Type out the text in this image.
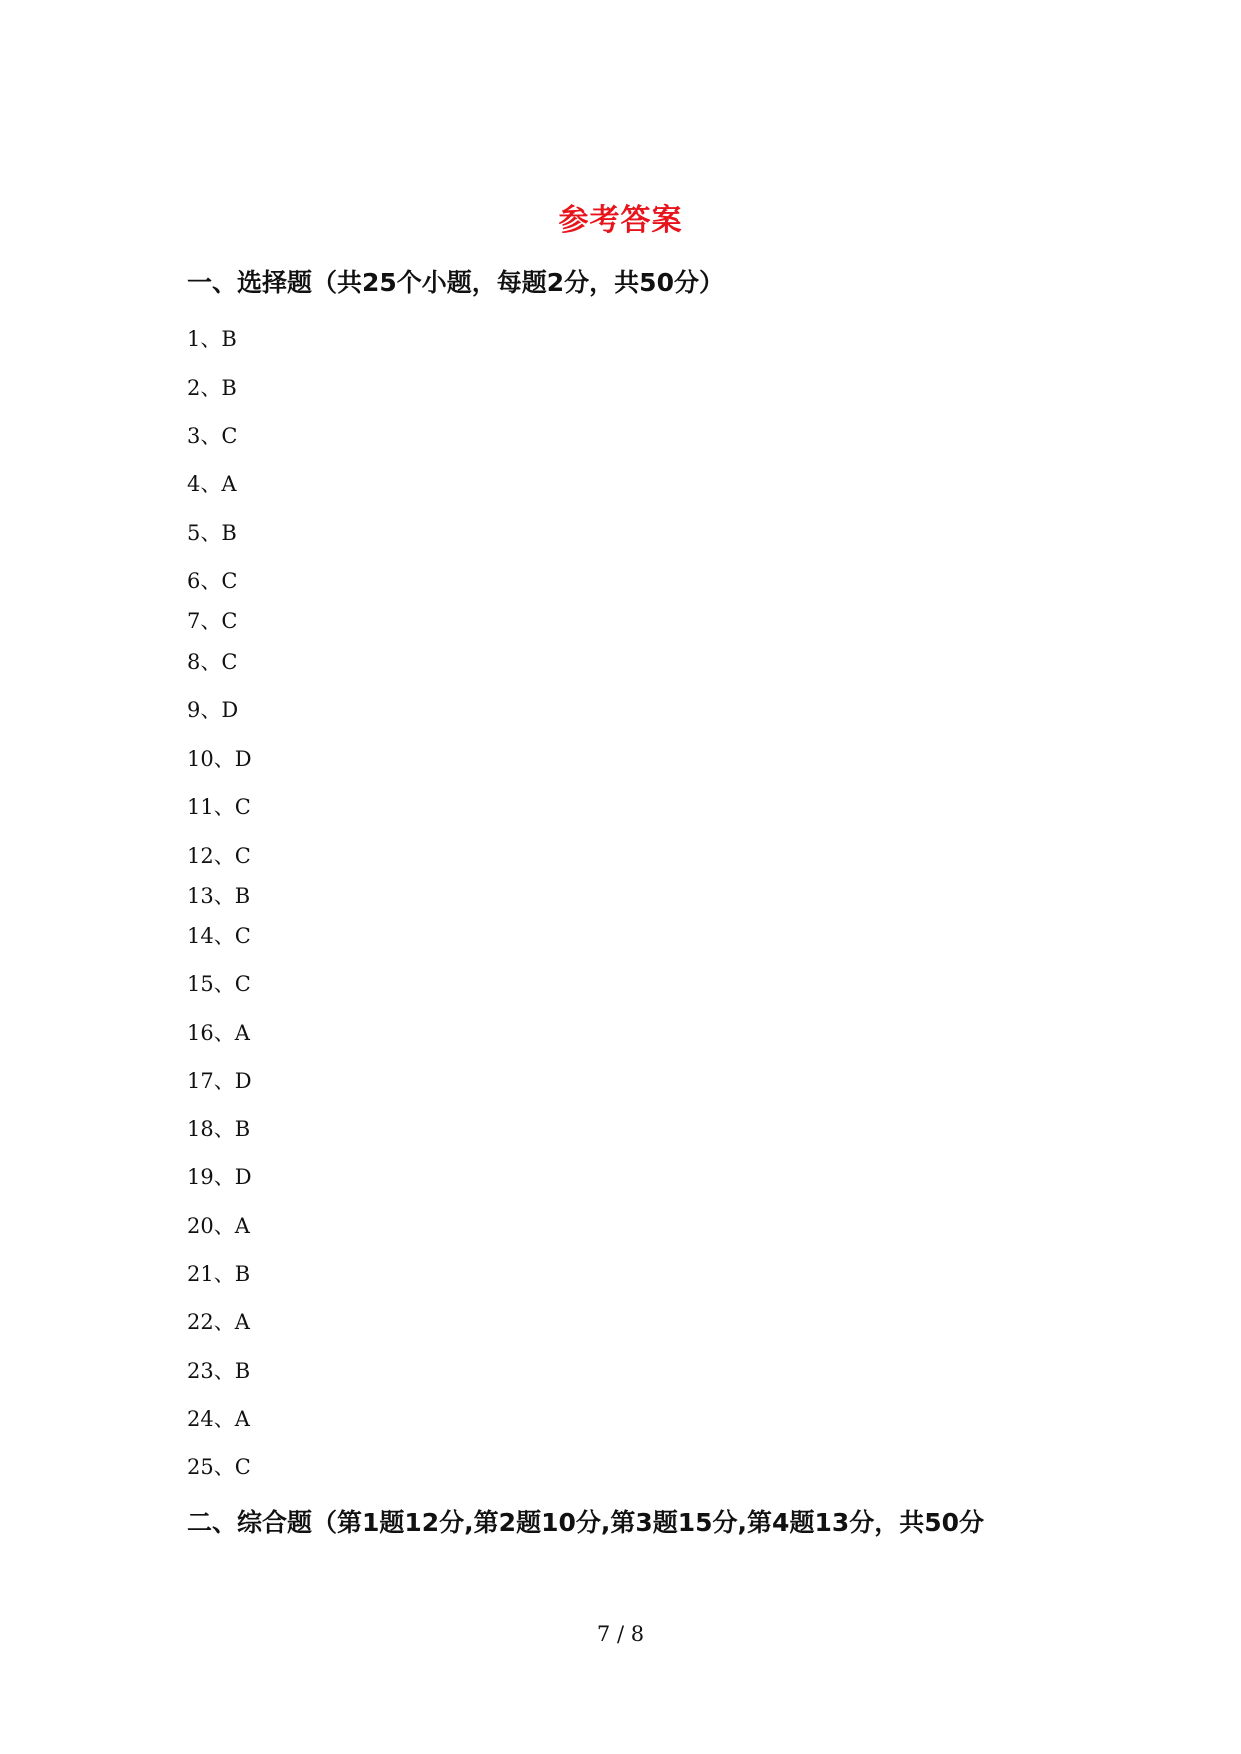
参考答案
一、选择题（共25个小题，每题2分，共50分）
1、B
2、B
3、C
4、A
5、B
6、C
7、C
8、C
9、D
10、D
11、C
12、C
13、B
14、C
15、C
16、A
17、D
18、B
19、D
20、A
21、B
22、A
23、B
24、A
25、C
二、综合题（第1题12分,第2题10分,第3题15分,第4题13分，共50分
7 / 8
